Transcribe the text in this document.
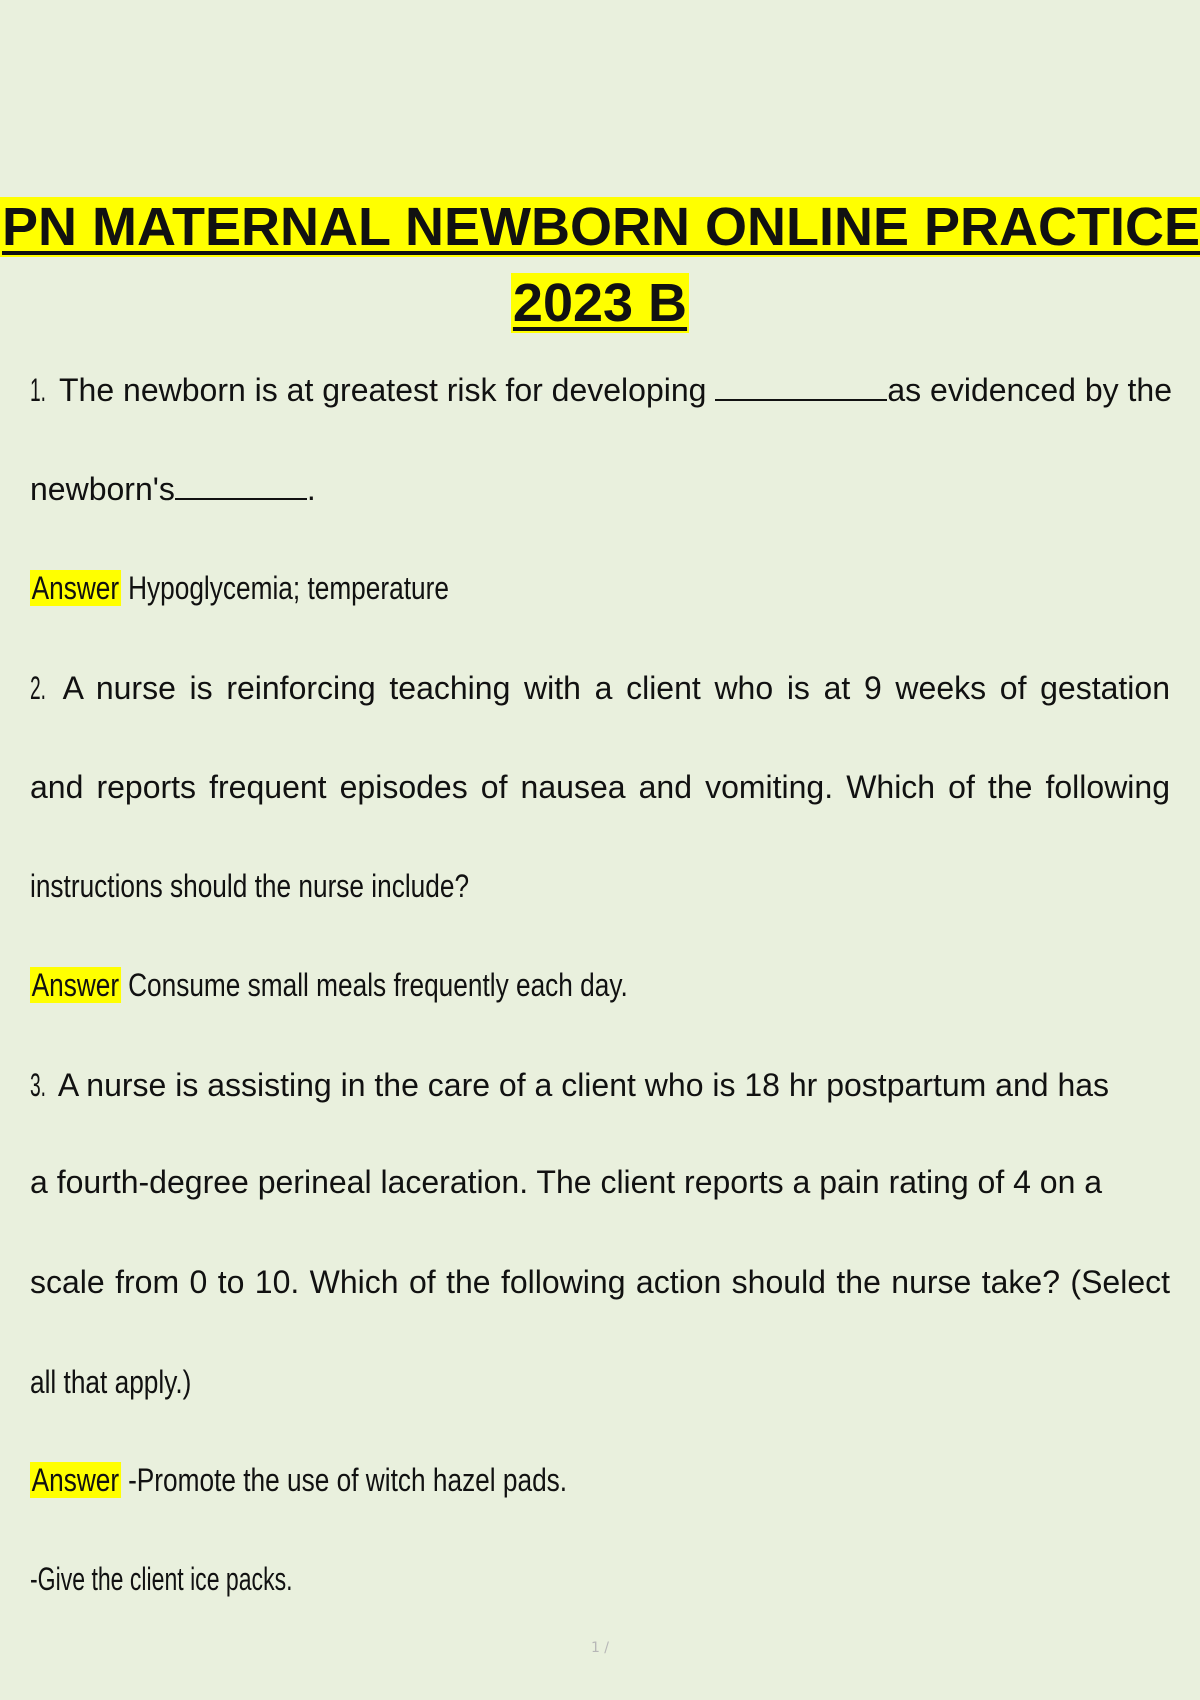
PN MATERNAL NEWBORN ONLINE PRACTICE
2023 B
1. The newborn is at greatest risk for developing	as evidenced by the
newborn's	.
Answer Hypoglycemia; temperature
2. A nurse is reinforcing teaching with a client who is at 9 weeks of gestation
and reports frequent episodes of nausea and vomiting. Which of the following
instructions should the nurse include?
Answer Consume small meals frequently each day.
3. A nurse is assisting in the care of a client who is 18 hr postpartum and has
a fourth-degree perineal laceration. The client reports a pain rating of 4 on a
scale from 0 to 10. Which of the following action should the nurse take? (Select
all that apply.)
Answer -Promote the use of witch hazel pads.
-Give the client ice packs.
1 /
